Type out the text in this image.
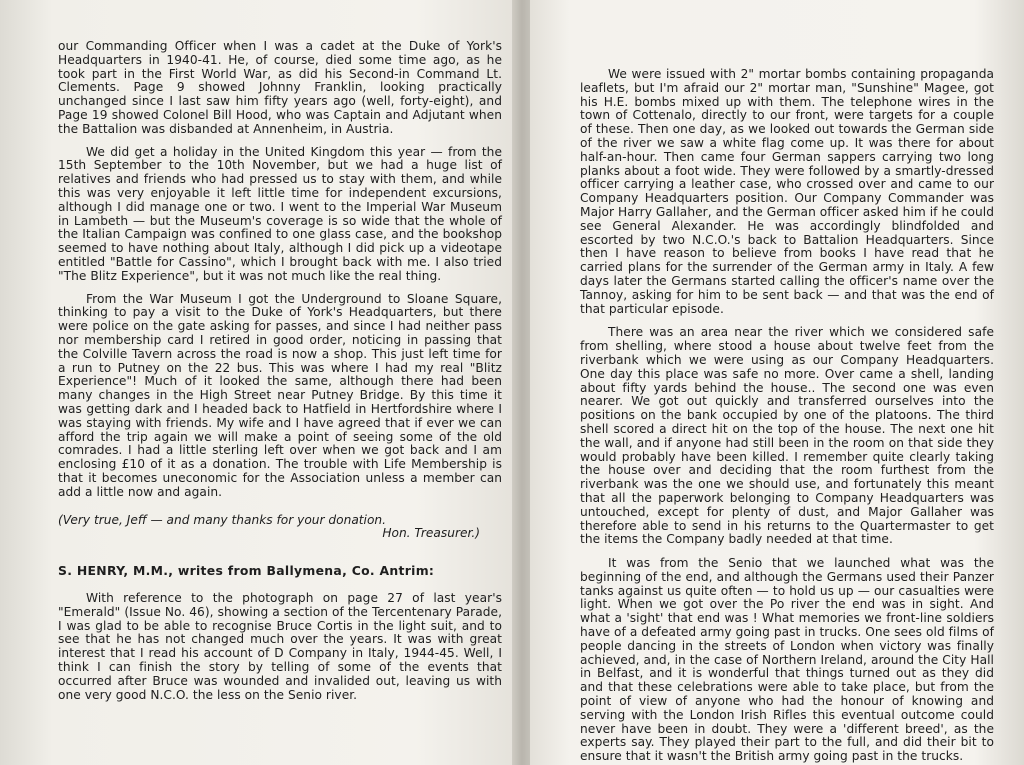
our Commanding Officer when I was a cadet at the Duke of York's Headquarters in 1940-41. He, of course, died some time ago, as he took part in the First World War, as did his Second-in Command Lt. Clements. Page 9 showed Johnny Franklin, looking practically unchanged since I last saw him fifty years ago (well, forty-eight), and Page 19 showed Colonel Bill Hood, who was Captain and Adjutant when the Battalion was disbanded at Annenheim, in Austria.

We did get a holiday in the United Kingdom this year — from the 15th September to the 10th November, but we had a huge list of relatives and friends who had pressed us to stay with them, and while this was very enjoyable it left little time for independent excursions, although I did manage one or two. I went to the Imperial War Museum in Lambeth — but the Museum's coverage is so wide that the whole of the Italian Campaign was confined to one glass case, and the bookshop seemed to have nothing about Italy, although I did pick up a videotape entitled "Battle for Cassino", which I brought back with me. I also tried "The Blitz Experience", but it was not much like the real thing.

From the War Museum I got the Underground to Sloane Square, thinking to pay a visit to the Duke of York's Headquarters, but there were police on the gate asking for passes, and since I had neither pass nor membership card I retired in good order, noticing in passing that the Colville Tavern across the road is now a shop. This just left time for a run to Putney on the 22 bus. This was where I had my real "Blitz Experience"! Much of it looked the same, although there had been many changes in the High Street near Putney Bridge. By this time it was getting dark and I headed back to Hatfield in Hertfordshire where I was staying with friends. My wife and I have agreed that if ever we can afford the trip again we will make a point of seeing some of the old comrades. I had a little sterling left over when we got back and I am enclosing £10 of it as a donation. The trouble with Life Membership is that it becomes uneconomic for the Association unless a member can add a little now and again.

(Very true, Jeff — and many thanks for your donation.
Hon. Treasurer.)
S. HENRY, M.M., writes from Ballymena, Co. Antrim:

With reference to the photograph on page 27 of last year's "Emerald" (Issue No. 46), showing a section of the Tercentenary Parade, I was glad to be able to recognise Bruce Cortis in the light suit, and to see that he has not changed much over the years. It was with great interest that I read his account of D Company in Italy, 1944-45. Well, I think I can finish the story by telling of some of the events that occurred after Bruce was wounded and invalided out, leaving us with one very good N.C.O. the less on the Senio river.

We were issued with 2" mortar bombs containing propaganda leaflets, but I'm afraid our 2" mortar man, "Sunshine" Magee, got his H.E. bombs mixed up with them. The telephone wires in the town of Cottenalo, directly to our front, were targets for a couple of these. Then one day, as we looked out towards the German side of the river we saw a white flag come up. It was there for about half-an-hour. Then came four German sappers carrying two long planks about a foot wide. They were followed by a smartly-dressed officer carrying a leather case, who crossed over and came to our Company Headquarters position. Our Company Commander was Major Harry Gallaher, and the German officer asked him if he could see General Alexander. He was accordingly blindfolded and escorted by two N.C.O.'s back to Battalion Headquarters. Since then I have reason to believe from books I have read that he carried plans for the surrender of the German army in Italy. A few days later the Germans started calling the officer's name over the Tannoy, asking for him to be sent back — and that was the end of that particular episode.

There was an area near the river which we considered safe from shelling, where stood a house about twelve feet from the riverbank which we were using as our Company Headquarters. One day this place was safe no more. Over came a shell, landing about fifty yards behind the house.. The second one was even nearer. We got out quickly and transferred ourselves into the positions on the bank occupied by one of the platoons. The third shell scored a direct hit on the top of the house. The next one hit the wall, and if anyone had still been in the room on that side they would probably have been killed. I remember quite clearly taking the house over and deciding that the room furthest from the riverbank was the one we should use, and fortunately this meant that all the paperwork belonging to Company Headquarters was untouched, except for plenty of dust, and Major Gallaher was therefore able to send in his returns to the Quartermaster to get the items the Company badly needed at that time.

It was from the Senio that we launched what was the beginning of the end, and although the Germans used their Panzer tanks against us quite often — to hold us up — our casualties were light. When we got over the Po river the end was in sight. And what a 'sight' that end was ! What memories we front-line soldiers have of a defeated army going past in trucks. One sees old films of people dancing in the streets of London when victory was finally achieved, and, in the case of Northern Ireland, around the City Hall in Belfast, and it is wonderful that things turned out as they did and that these celebrations were able to take place, but from the point of view of anyone who had the honour of knowing and serving with the London Irish Rifles this eventual outcome could never have been in doubt. They were a 'different breed', as the experts say. They played their part to the full, and did their bit to ensure that it wasn't the British army going past in the trucks.
